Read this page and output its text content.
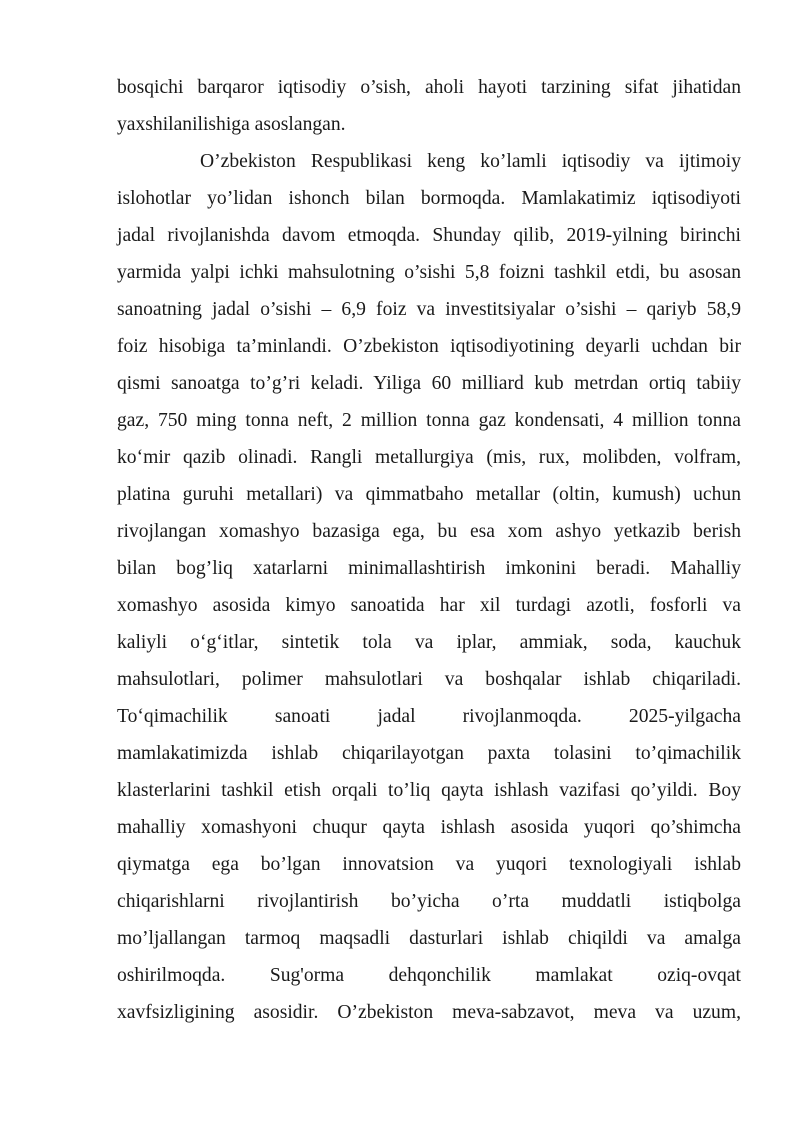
bosqichi barqaror iqtisodiy o’sish, aholi hayoti tarzining sifat jihatidan
yaxshilanilishiga asoslangan.
O’zbekiston Respublikasi keng ko’lamli iqtisodiy va ijtimoiy
islohotlar yo’lidan ishonch bilan bormoqda. Mamlakatimiz iqtisodiyoti
jadal rivojlanishda davom etmoqda. Shunday qilib, 2019-yilning birinchi
yarmida yalpi ichki mahsulotning o’sishi 5,8 foizni tashkil etdi, bu asosan
sanoatning jadal o’sishi – 6,9 foiz va investitsiyalar o’sishi – qariyb 58,9
foiz hisobiga ta’minlandi. O’zbekiston iqtisodiyotining deyarli uchdan bir
qismi sanoatga to’g’ri keladi. Yiliga 60 milliard kub metrdan ortiq tabiiy
gaz, 750 ming tonna neft, 2 million tonna gaz kondensati, 4 million tonna
ko‘mir qazib olinadi. Rangli metallurgiya (mis, rux, molibden, volfram,
platina guruhi metallari) va qimmatbaho metallar (oltin, kumush) uchun
rivojlangan xomashyo bazasiga ega, bu esa xom ashyo yetkazib berish
bilan bog’liq xatarlarni minimallashtirish imkonini beradi. Mahalliy
xomashyo asosida kimyo sanoatida har xil turdagi azotli, fosforli va
kaliyli o‘g‘itlar, sintetik tola va iplar, ammiak, soda, kauchuk
mahsulotlari, polimer mahsulotlari va boshqalar ishlab chiqariladi.
To‘qimachilik sanoati jadal rivojlanmoqda. 2025-yilgacha
mamlakatimizda ishlab chiqarilayotgan paxta tolasini to’qimachilik
klasterlarini tashkil etish orqali to’liq qayta ishlash vazifasi qo’yildi. Boy
mahalliy xomashyoni chuqur qayta ishlash asosida yuqori qo’shimcha
qiymatga ega bo’lgan innovatsion va yuqori texnologiyali ishlab
chiqarishlarni rivojlantirish bo’yicha o’rta muddatli istiqbolga
mo’ljallangan tarmoq maqsadli dasturlari ishlab chiqildi va amalga
oshirilmoqda. Sug'orma dehqonchilik mamlakat oziq-ovqat
xavfsizligining asosidir. O’zbekiston meva-sabzavot, meva va uzum,
